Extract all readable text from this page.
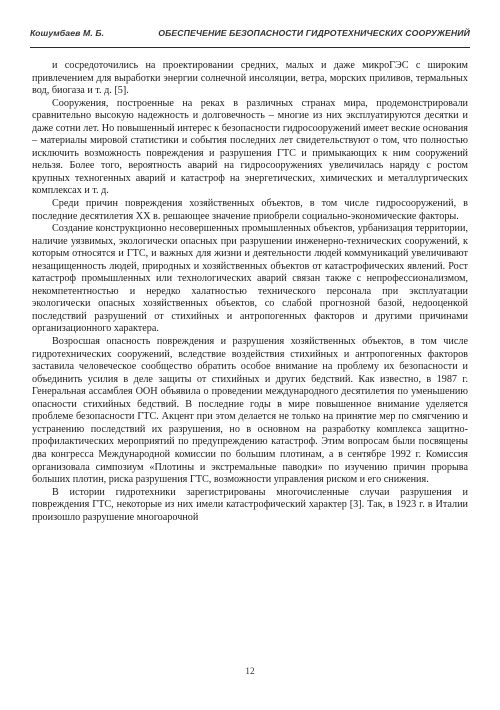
Кошумбаев М. Б.	ОБЕСПЕЧЕНИЕ БЕЗОПАСНОСТИ ГИДРОТЕХНИЧЕСКИХ СООРУЖЕНИЙ

и сосредоточились на проектировании средних, малых и даже микроГЭС с широким привлечением для выработки энергии солнечной инсоляции, ветра, морских приливов, термальных вод, биогаза и т. д. [5].

Сооружения, построенные на реках в различных странах мира, продемонстрировали сравнительно высокую надежность и долговечность – многие из них эксплуатируются десятки и даже сотни лет. Но повышенный интерес к безопасности гидросооружений имеет веские основания – материалы мировой статистики и события последних лет свидетельствуют о том, что полностью исключить возможность повреждения и разрушения ГТС и примыкающих к ним сооружений нельзя. Более того, вероятность аварий на гидросооружениях увеличилась наряду с ростом крупных техногенных аварий и катастроф на энергетических, химических и металлургических комплексах и т. д.

Среди причин повреждения хозяйственных объектов, в том числе гидросооружений, в последние десятилетия XX в. решающее значение приобрели социально-экономические факторы.

Создание конструкционно несовершенных промышленных объектов, урбанизация территории, наличие уязвимых, экологически опасных при разрушении инженерно-технических сооружений, к которым относятся и ГТС, и важных для жизни и деятельности людей коммуникаций увеличивают незащищенность людей, природных и хозяйственных объектов от катастрофических явлений. Рост катастроф промышленных или технологических аварий связан также с непрофессионализмом, некомпетентностью и нередко халатностью технического персонала при эксплуатации экологически опасных хозяйственных объектов, со слабой прогнозной базой, недооценкой последствий разрушений от стихийных и антропогенных факторов и другими причинами организационного характера.

Возросшая опасность повреждения и разрушения хозяйственных объектов, в том числе гидротехнических сооружений, вследствие воздействия стихийных и антропогенных факторов заставила человеческое сообщество обратить особое внимание на проблему их безопасности и объединить усилия в деле защиты от стихийных и других бедствий. Как известно, в 1987 г. Генеральная ассамблея ООН объявила о проведении международного десятилетия по уменьшению опасности стихийных бедствий. В последние годы в мире повышенное внимание уделяется проблеме безопасности ГТС. Акцент при этом делается не только на принятие мер по смягчению и устранению последствий их разрушения, но в основном на разработку комплекса защитно-профилактических мероприятий по предупреждению катастроф. Этим вопросам были посвящены два конгресса Международной комиссии по большим плотинам, а в сентябре 1992 г. Комиссия организовала симпозиум «Плотины и экстремальные паводки» по изучению причин прорыва больших плотин, риска разрушения ГТС, возможности управления риском и его снижения.

В истории гидротехники зарегистрированы многочисленные случаи разрушения и повреждения ГТС, некоторые из них имели катастрофический характер [3]. Так, в 1923 г. в Италии произошло разрушение многоарочной

12
